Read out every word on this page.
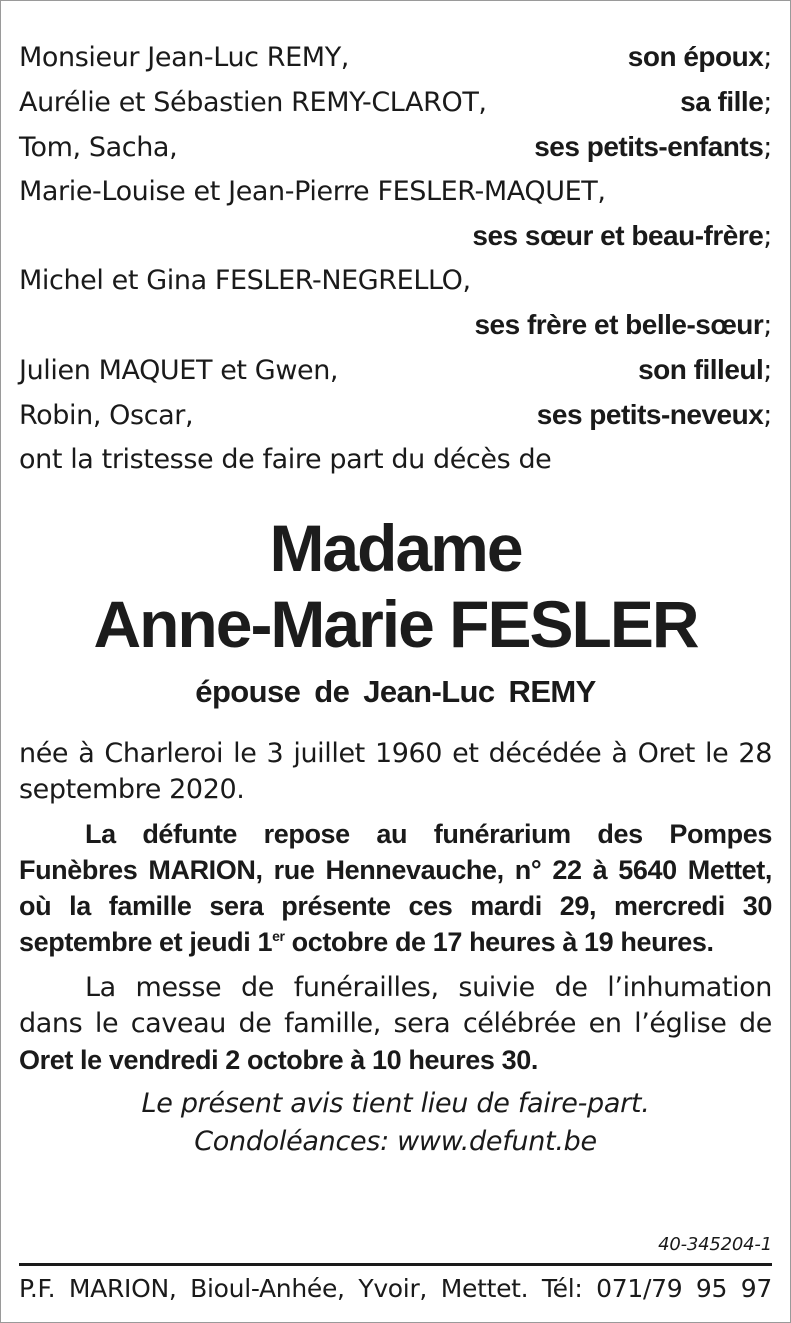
Monsieur Jean-Luc REMY,	son époux;
Aurélie et Sébastien REMY-CLAROT,	sa fille;
Tom, Sacha,	ses petits-enfants;
Marie-Louise et Jean-Pierre FESLER-MAQUET,
ses sœur et beau-frère;
Michel et Gina FESLER-NEGRELLO,
ses frère et belle-sœur;
Julien MAQUET et Gwen,	son filleul;
Robin, Oscar,	ses petits-neveux;
ont la tristesse de faire part du décès de
Madame
Anne-Marie FESLER
épouse de Jean-Luc REMY
née à Charleroi le 3 juillet 1960 et décédée à Oret le 28 septembre 2020.
La défunte repose au funérarium des Pompes Funèbres MARION, rue Hennevauche, n° 22 à 5640 Mettet, où la famille sera présente ces mardi 29, mercredi 30 septembre et jeudi 1er octobre de 17 heures à 19 heures.
La messe de funérailles, suivie de l’inhumation dans le caveau de famille, sera célébrée en l’église de Oret le vendredi 2 octobre à 10 heures 30.
Le présent avis tient lieu de faire-part.
Condoléances: www.defunt.be
40-345204-1
P.F. MARION, Bioul-Anhée, Yvoir, Mettet. Tél: 071/79 95 97
